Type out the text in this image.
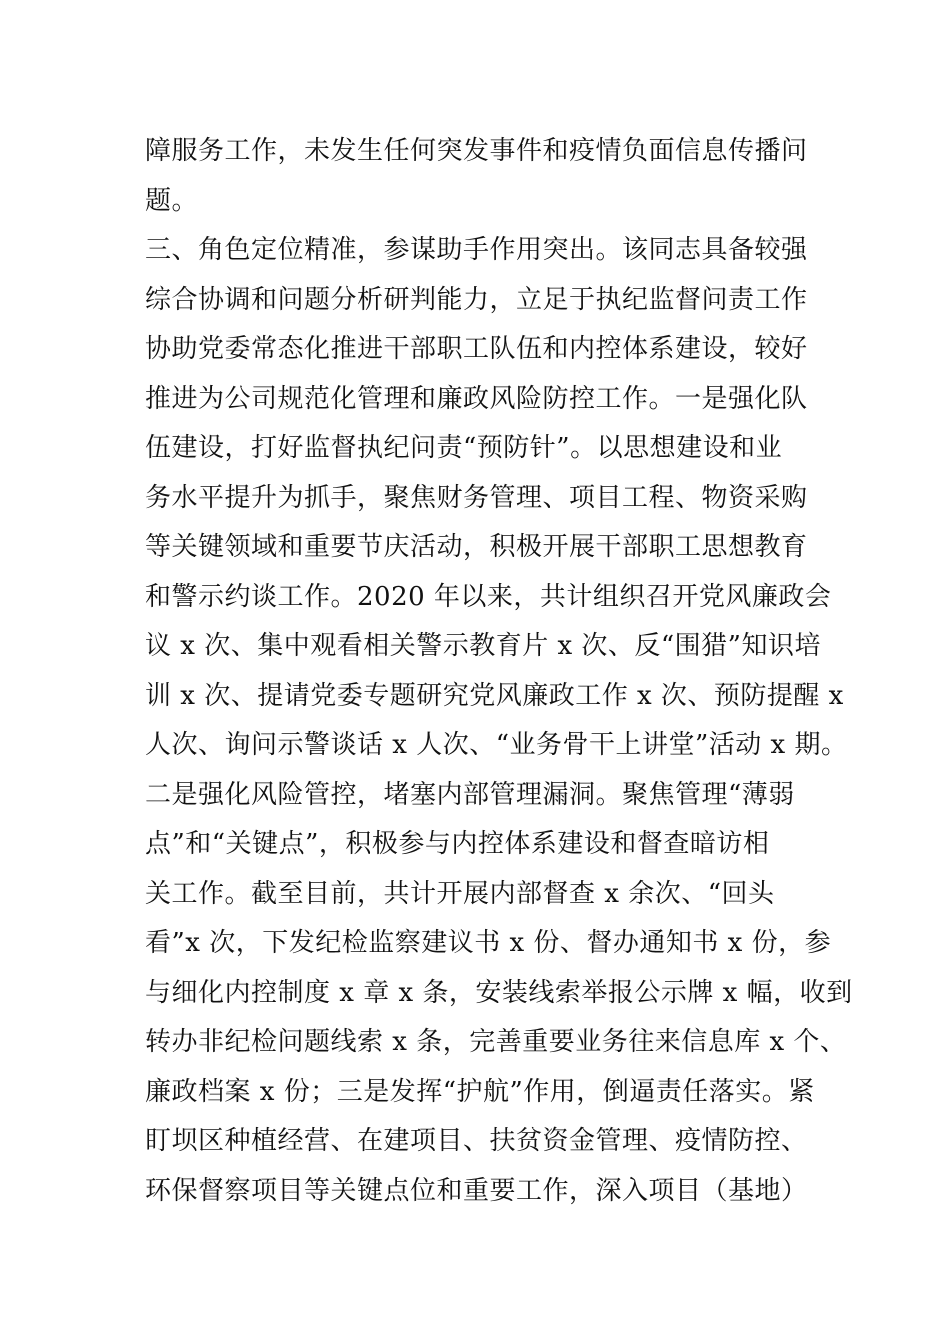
障服务工作，未发生任何突发事件和疫情负面信息传播问
题。
三、角色定位精准，参谋助手作用突出。该同志具备较强
综合协调和问题分析研判能力，立足于执纪监督问责工作
协助党委常态化推进干部职工队伍和内控体系建设，较好
推进为公司规范化管理和廉政风险防控工作。一是强化队
伍建设，打好监督执纪问责“预防针”。以思想建设和业
务水平提升为抓手，聚焦财务管理、项目工程、物资采购
等关键领域和重要节庆活动，积极开展干部职工思想教育
和警示约谈工作。2020 年以来，共计组织召开党风廉政会
议 x 次、集中观看相关警示教育片 x 次、反“围猎”知识培
训 x 次、提请党委专题研究党风廉政工作 x 次、预防提醒 x
人次、询问示警谈话 x 人次、“业务骨干上讲堂”活动 x 期。
二是强化风险管控，堵塞内部管理漏洞。聚焦管理“薄弱
点”和“关键点”，积极参与内控体系建设和督查暗访相
关工作。截至目前，共计开展内部督查 x 余次、“回头
看”x 次，下发纪检监察建议书 x 份、督办通知书 x 份，参
与细化内控制度 x 章 x 条，安装线索举报公示牌 x 幅，收到
转办非纪检问题线索 x 条，完善重要业务往来信息库 x 个、
廉政档案 x 份；三是发挥“护航”作用，倒逼责任落实。紧
盯坝区种植经营、在建项目、扶贫资金管理、疫情防控、
环保督察项目等关键点位和重要工作，深入项目（基地）
